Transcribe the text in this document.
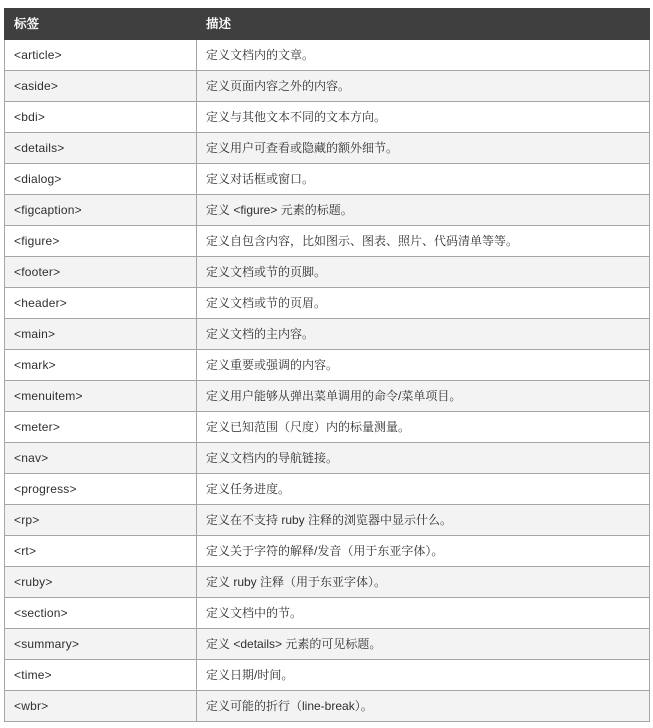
标签	描述
<article>	定义文档内的文章。
<aside>	定义页面内容之外的内容。
<bdi>	定义与其他文本不同的文本方向。
<details>	定义用户可查看或隐藏的额外细节。
<dialog>	定义对话框或窗口。
<figcaption>	定义 <figure> 元素的标题。
<figure>	定义自包含内容，比如图示、图表、照片、代码清单等等。
<footer>	定义文档或节的页脚。
<header>	定义文档或节的页眉。
<main>	定义文档的主内容。
<mark>	定义重要或强调的内容。
<menuitem>	定义用户能够从弹出菜单调用的命令/菜单项目。
<meter>	定义已知范围（尺度）内的标量测量。
<nav>	定义文档内的导航链接。
<progress>	定义任务进度。
<rp>	定义在不支持 ruby 注释的浏览器中显示什么。
<rt>	定义关于字符的解释/发音（用于东亚字体）。
<ruby>	定义 ruby 注释（用于东亚字体）。
<section>	定义文档中的节。
<summary>	定义 <details> 元素的可见标题。
<time>	定义日期/时间。
<wbr>	定义可能的折行（line-break）。
